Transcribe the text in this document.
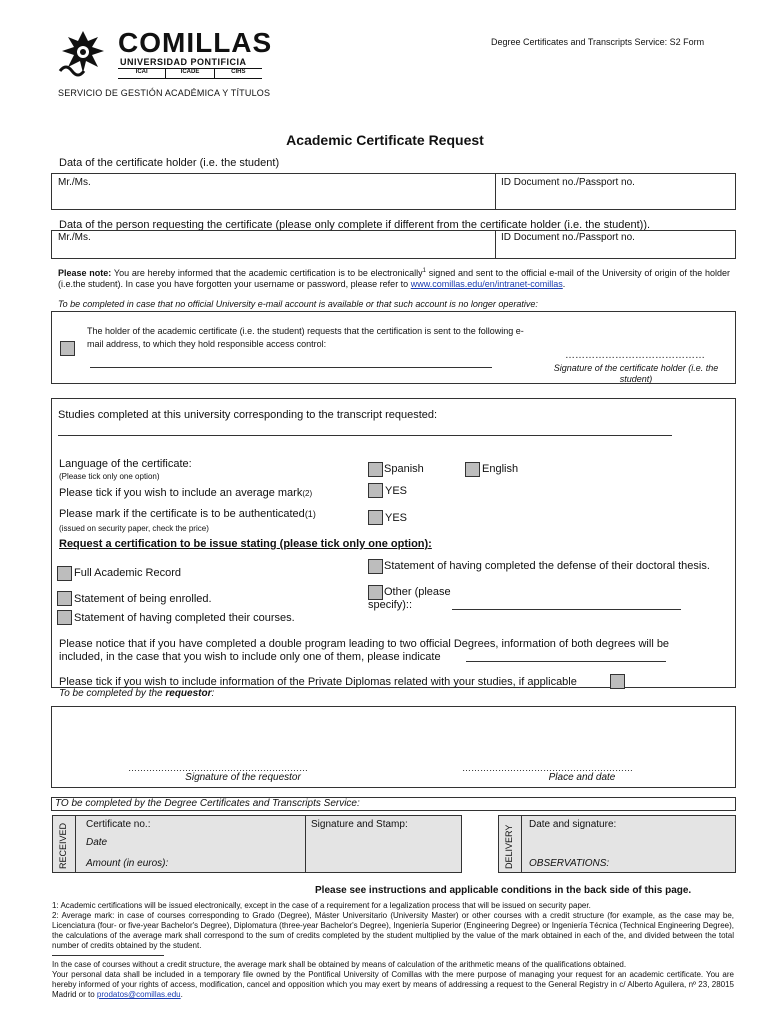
COMILLAS
UNIVERSIDAD PONTIFICIA
ICAI	ICADE	CIHS
SERVICIO DE GESTIÓN ACADÉMICA Y TÍTULOS
Degree Certificates and Transcripts Service: S2 Form
Academic Certificate Request
Data of the certificate holder (i.e. the student)
Mr./Ms.	ID Document no./Passport no.
Data of the person requesting the certificate (please only complete if different from the certificate holder (i.e. the student)).
Mr./Ms.	ID Document no./Passport no.
Please note: You are hereby informed that the academic certification is to be electronically$^1$ signed and sent to the official e-mail of the University of origin of the holder (i.e.the student). In case you have forgotten your username or password, please refer to www.comillas.edu/en/intranet-comillas.
To be completed in case that no official University e-mail account is available or that such account is no longer operative:
The holder of the academic certificate (i.e. the student) requests that the certification is sent to the following e-mail address, to which they hold responsible access control:
……………………………………
Signature of the certificate holder (i.e. the student)
Studies completed at this university corresponding to the transcript requested:
Language of the certificate:
(Please tick only one option)
Spanish	English
Please tick if you wish to include an average mark(2)	YES
Please mark if the certificate is to be authenticated(1)
(issued on security paper, check the price)
YES
Request a certification to be issue stating (please tick only one option):
Full Academic Record
Statement of being enrolled.
Statement of having completed their courses.
Statement of having completed the defense of their doctoral thesis.
Other (please specify)::
Please notice that if you have completed a double program leading to two official Degrees, information of both degrees will be included, in the case that you wish to include only one of them, please indicate
Please tick if you wish to include information of the Private Diplomas related with your studies, if applicable
To be completed by the requestor:
……………………………………………………
Signature of the requestor
…………………………………………………
Place and date
TO be completed by the Degree Certificates and Transcripts Service:
RECEIVED Certificate no.:
Date
Amount (in euros):
Signature and Stamp:
DELIVERY
Date and signature:
OBSERVATIONS:
Please see instructions and applicable conditions in the back side of this page.
1: Academic certifications will be issued electronically, except in the case of a requirement for a legalization process that will be issued on security paper.
2: Average mark: in case of courses corresponding to Grado (Degree), Máster Universitario (University Master) or other courses with a credit structure (for example, as the case may be, Licenciatura (four- or five-year Bachelor's Degree), Diplomatura (three-year Bachelor's Degree), Ingeniería Superior (Engineering Degree) or Ingeniería Técnica (Technical Engineering Degree), the calculations of the average mark shall correspond to the sum of credits completed by the student multiplied by the value of the mark obtained in each of the, and divided between the total number of credits obtained by the student.
In the case of courses without a credit structure, the average mark shall be obtained by means of calculation of the arithmetic means of the qualifications obtained.
Your personal data shall be included in a temporary file owned by the Pontifical University of Comillas with the mere purpose of managing your request for an academic certificate. You are hereby informed of your rights of access, modification, cancel and opposition which you may exert by means of addressing a request to the General Registry in c/ Alberto Aguilera, nº 23, 28015 Madrid or to prodatos@comillas.edu.
